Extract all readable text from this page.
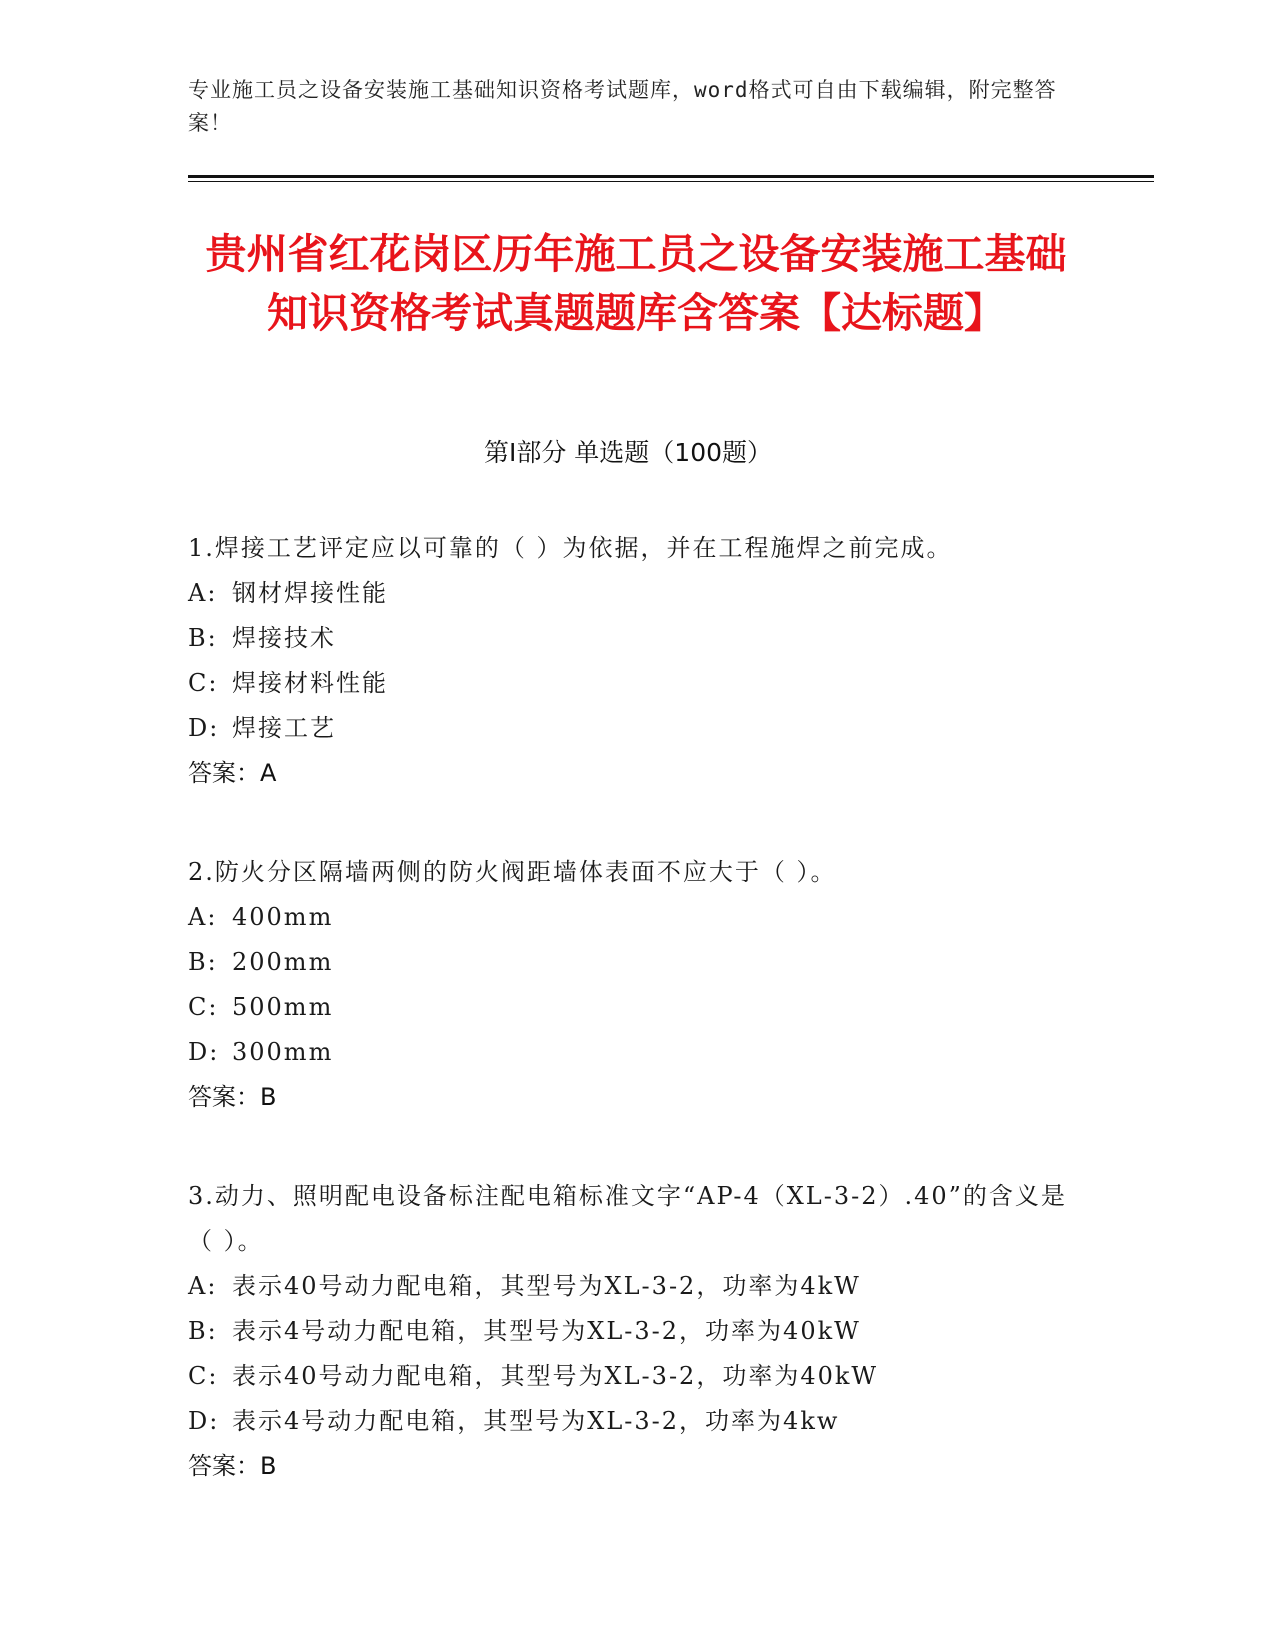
专业施工员之设备安装施工基础知识资格考试题库，word格式可自由下载编辑，附完整答案！
贵州省红花岗区历年施工员之设备安装施工基础知识资格考试真题题库含答案【达标题】
第Ⅰ部分 单选题（100题）

1.焊接工艺评定应以可靠的（ ）为依据，并在工程施焊之前完成。

A: 钢材焊接性能

B: 焊接技术

C: 焊接材料性能

D: 焊接工艺

答案：A

2.防火分区隔墙两侧的防火阀距墙体表面不应大于（ ）。

A: 400mm

B: 200mm

C: 500mm

D: 300mm

答案：B

3.动力、照明配电设备标注配电箱标准文字“AP-4（XL-3-2）.40”的含义是（ ）。

A: 表示40号动力配电箱，其型号为XL-3-2，功率为4kW

B: 表示4号动力配电箱，其型号为XL-3-2，功率为40kW

C: 表示40号动力配电箱，其型号为XL-3-2，功率为40kW

D: 表示4号动力配电箱，其型号为XL-3-2，功率为4kw

答案：B
